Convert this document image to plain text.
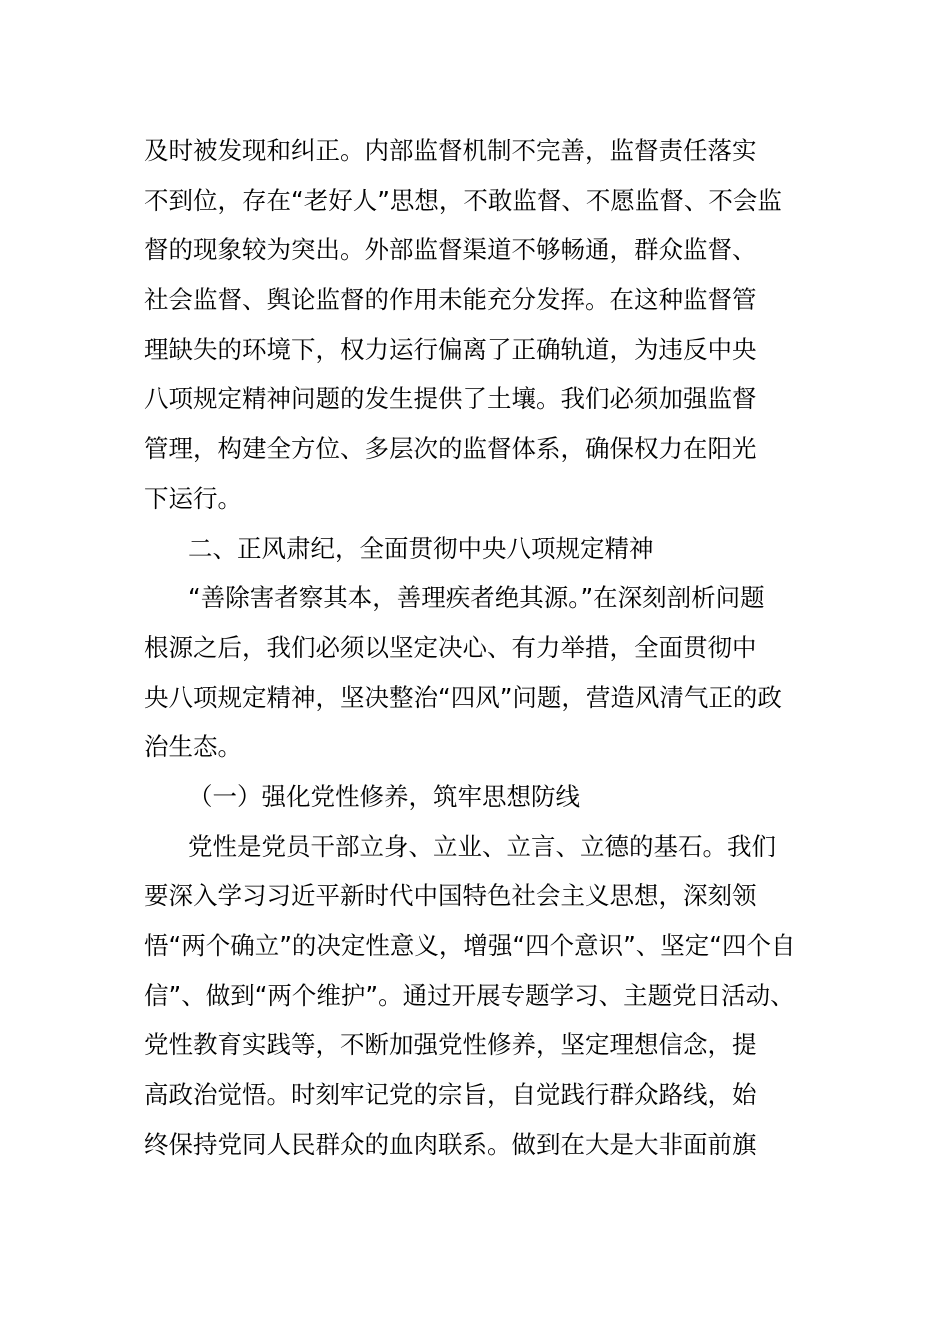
及时被发现和纠正。内部监督机制不完善，监督责任落实
不到位，存在“老好人”思想，不敢监督、不愿监督、不会监
督的现象较为突出。外部监督渠道不够畅通，群众监督、
社会监督、舆论监督的作用未能充分发挥。在这种监督管
理缺失的环境下，权力运行偏离了正确轨道，为违反中央
八项规定精神问题的发生提供了土壤。我们必须加强监督
管理，构建全方位、多层次的监督体系，确保权力在阳光
下运行。
二、正风肃纪，全面贯彻中央八项规定精神
“善除害者察其本，善理疾者绝其源。”在深刻剖析问题
根源之后，我们必须以坚定决心、有力举措，全面贯彻中
央八项规定精神，坚决整治“四风”问题，营造风清气正的政
治生态。
（一）强化党性修养，筑牢思想防线
党性是党员干部立身、立业、立言、立德的基石。我们
要深入学习习近平新时代中国特色社会主义思想，深刻领
悟“两个确立”的决定性意义，增强“四个意识”、坚定“四个自
信”、做到“两个维护”。通过开展专题学习、主题党日活动、
党性教育实践等，不断加强党性修养，坚定理想信念，提
高政治觉悟。时刻牢记党的宗旨，自觉践行群众路线，始
终保持党同人民群众的血肉联系。做到在大是大非面前旗
